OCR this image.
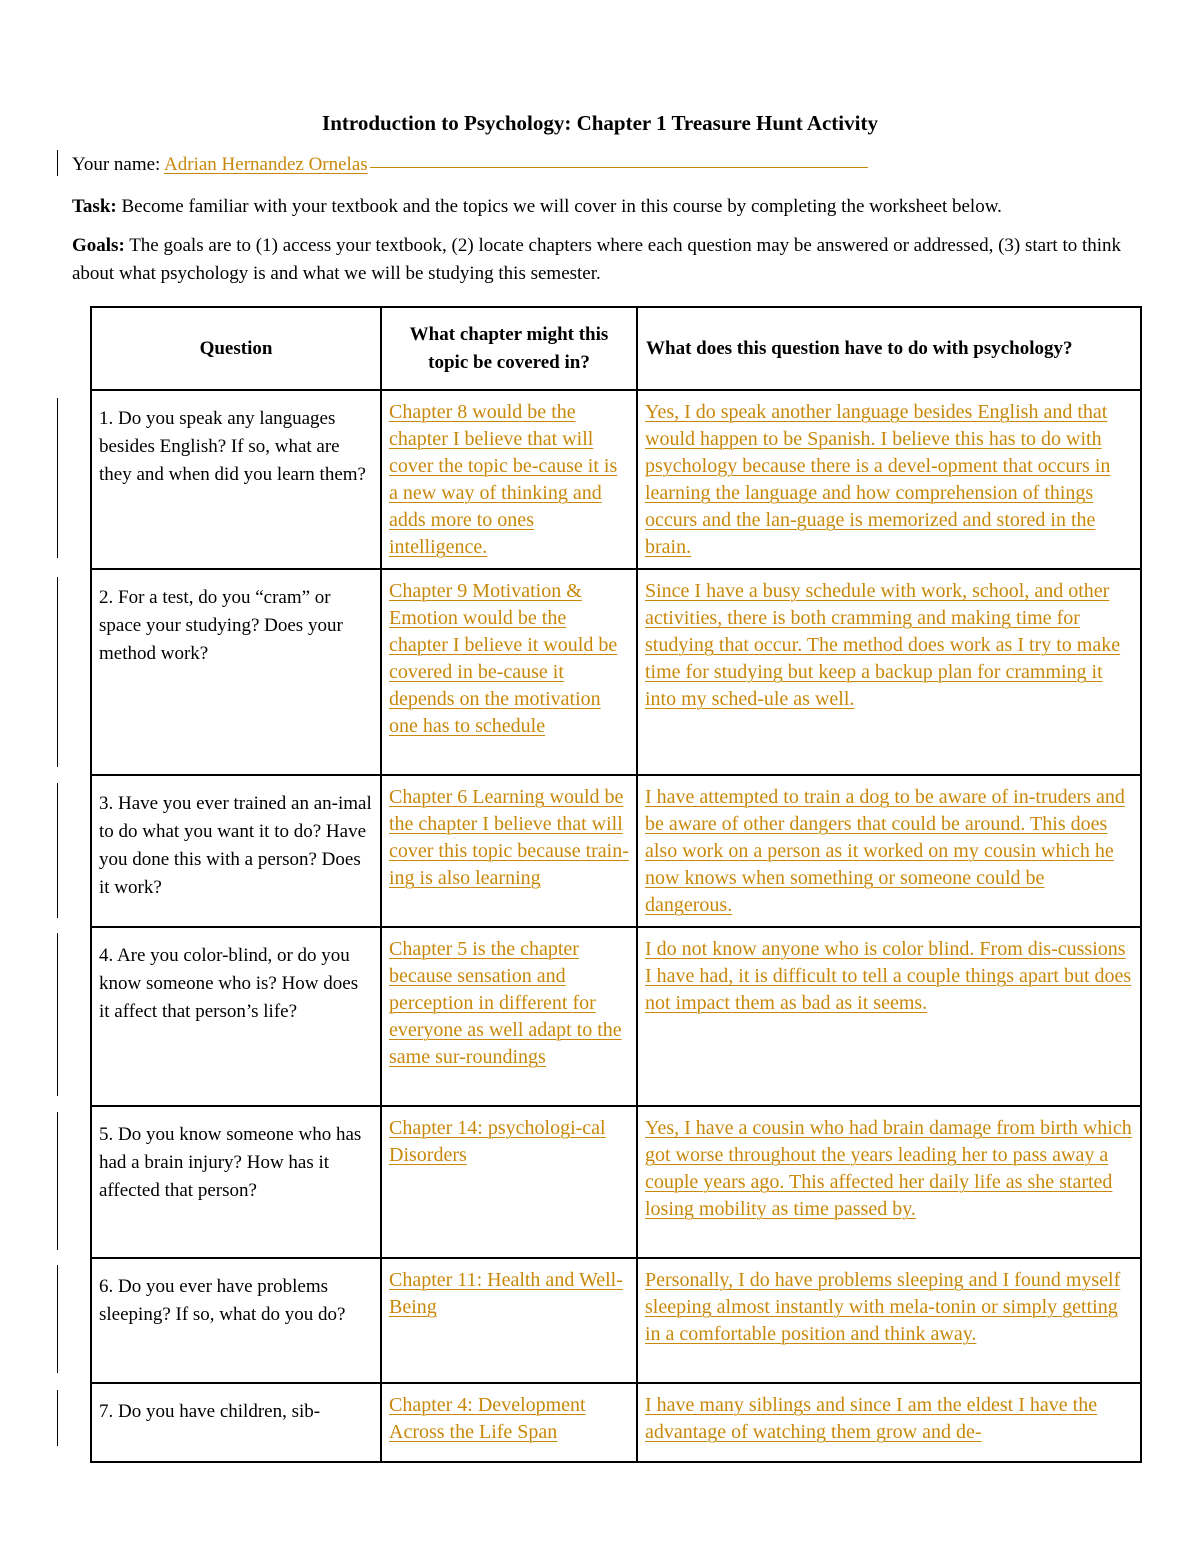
Introduction to Psychology: Chapter 1 Treasure Hunt Activity
Your name: Adrian Hernandez Ornelas
Task: Become familiar with your textbook and the topics we will cover in this course by completing the worksheet below.
Goals: The goals are to (1) access your textbook, (2) locate chapters where each question may be answered or addressed, (3) start to think about what psychology is and what we will be studying this semester.
Question	What chapter might this topic be covered in?	What does this question have to do with psychology?
1. Do you speak any languages besides English? If so, what are they and when did you learn them?	Chapter 8 would be the chapter I believe that will cover the topic be-cause it is a new way of thinking and adds more to ones intelligence.	Yes, I do speak another language besides English and that would happen to be Spanish. I believe this has to do with psychology because there is a devel-opment that occurs in learning the language and how comprehension of things occurs and the lan-guage is memorized and stored in the brain.
2. For a test, do you “cram” or space your studying? Does your method work?	Chapter 9 Motivation & Emotion would be the chapter I believe it would be covered in be-cause it depends on the motivation one has to schedule	Since I have a busy schedule with work, school, and other activities, there is both cramming and making time for studying that occur. The method does work as I try to make time for studying but keep a backup plan for cramming it into my sched-ule as well.
3. Have you ever trained an an-imal to do what you want it to do? Have you done this with a person? Does it work?	Chapter 6 Learning would be the chapter I believe that will cover this topic because train-ing is also learning	I have attempted to train a dog to be aware of in-truders and be aware of other dangers that could be around. This does also work on a person as it worked on my cousin which he now knows when something or someone could be dangerous.
4. Are you color-blind, or do you know someone who is? How does it affect that person’s life?	Chapter 5 is the chapter because sensation and perception in different for everyone as well adapt to the same sur-roundings	I do not know anyone who is color blind. From dis-cussions I have had, it is difficult to tell a couple things apart but does not impact them as bad as it seems.
5. Do you know someone who has had a brain injury? How has it affected that person?	Chapter 14: psychologi-cal Disorders	Yes, I have a cousin who had brain damage from birth which got worse throughout the years leading her to pass away a couple years ago. This affected her daily life as she started losing mobility as time passed by.
6. Do you ever have problems sleeping? If so, what do you do?	Chapter 11: Health and Well-Being	Personally, I do have problems sleeping and I found myself sleeping almost instantly with mela-tonin or simply getting in a comfortable position and think away.
7. Do you have children, sib-	Chapter 4: Development Across the Life Span	I have many siblings and since I am the eldest I have the advantage of watching them grow and de-
